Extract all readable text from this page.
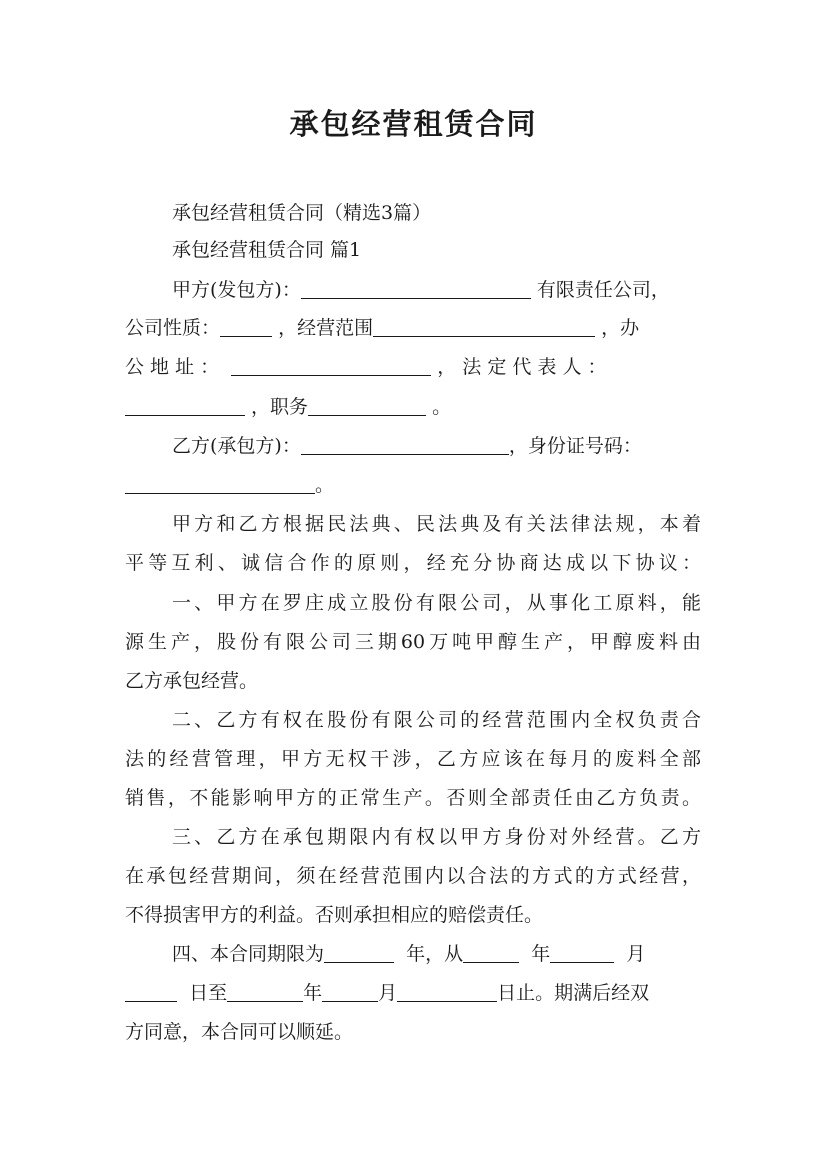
承包经营租赁合同
承包经营租赁合同（精选3篇）
承包经营租赁合同 篇1
甲方(发包方)：	有限责任公司，
公司性质：	，经营范围	，办
公 地 址 ：	， 法 定 代 表 人 ：
，职务	。
乙方(承包方)：	，身份证号码：
。
甲方和乙方根据民法典、民法典及有关法律法规，本着
平等互利、诚信合作的原则，经充分协商达成以下协议：
一、甲方在罗庄成立股份有限公司，从事化工原料，能
源生产，股份有限公司三期60万吨甲醇生产，甲醇废料由
乙方承包经营。
二、乙方有权在股份有限公司的经营范围内全权负责合
法的经营管理，甲方无权干涉，乙方应该在每月的废料全部
销售，不能影响甲方的正常生产。否则全部责任由乙方负责。
三、乙方在承包期限内有权以甲方身份对外经营。乙方
在承包经营期间，须在经营范围内以合法的方式的方式经营，
不得损害甲方的利益。否则承担相应的赔偿责任。
四、本合同期限为	年，从	年	月
日至	年	月	日止。期满后经双
方同意，本合同可以顺延。
